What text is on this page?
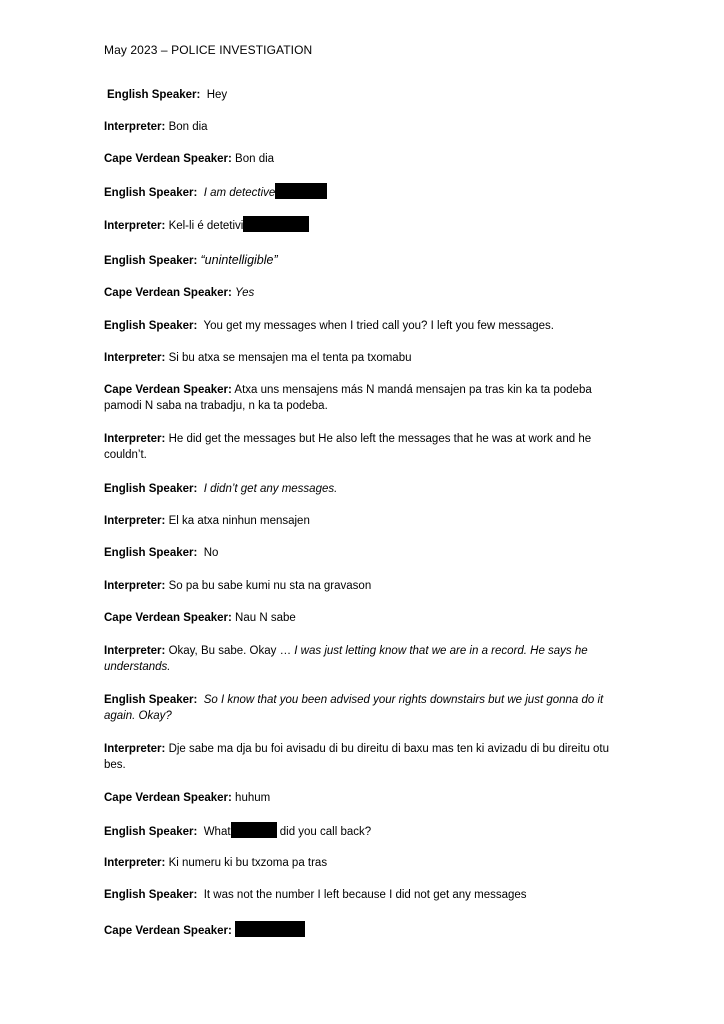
May 2023 – POLICE INVESTIGATION
English Speaker: Hey
Interpreter: Bon dia
Cape Verdean Speaker: Bon dia
English Speaker: I am detective
Interpreter: Kel-li é detetivi
English Speaker: “unintelligible”
Cape Verdean Speaker: Yes
English Speaker: You get my messages when I tried call you? I left you few messages.
Interpreter: Si bu atxa se mensajen ma el tenta pa txomabu
Cape Verdean Speaker: Atxa uns mensajens más N mandá mensajen pa tras kin ka ta podeba pamodi N saba na trabadju, n ka ta podeba.
Interpreter: He did get the messages but He also left the messages that he was at work and he couldn’t.
English Speaker: I didn’t get any messages.
Interpreter: El ka atxa ninhun mensajen
English Speaker: No
Interpreter: So pa bu sabe kumi nu sta na gravason
Cape Verdean Speaker: Nau N sabe
Interpreter: Okay, Bu sabe. Okay … I was just letting know that we are in a record. He says he understands.
English Speaker: So I know that you been advised your rights downstairs but we just gonna do it again. Okay?
Interpreter: Dje sabe ma dja bu foi avisadu di bu direitu di baxu mas ten ki avizadu di bu direitu otu bes.
Cape Verdean Speaker: huhum
English Speaker: What	did you call back?
Interpreter: Ki numeru ki bu txzoma pa tras
English Speaker: It was not the number I left because I did not get any messages
Cape Verdean Speaker:
